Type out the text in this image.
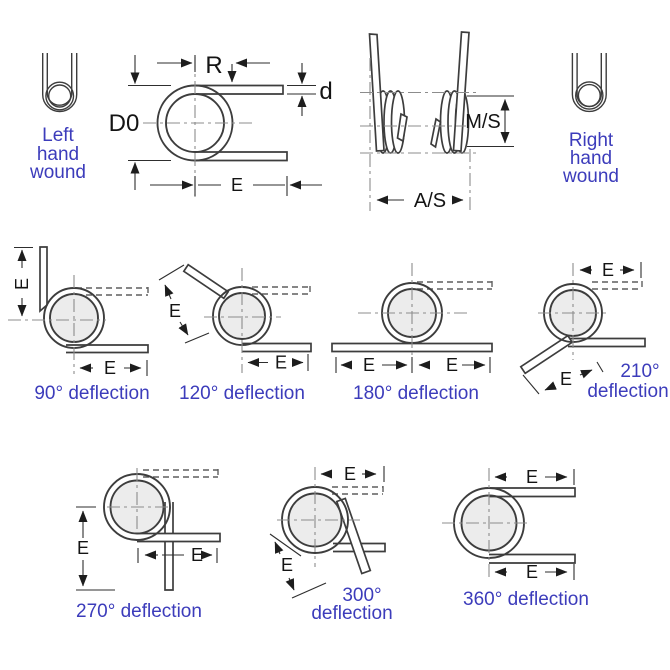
Left
hand
wound
Right
hand
wound
R
d
D0
E
M/S
A/S
E
E
90° deflection
E
E
120° deflection
E	E
180° deflection
E
E	210°
deflection
E	E
270° deflection
E
E
300°
deflection
E
E
360° deflection
